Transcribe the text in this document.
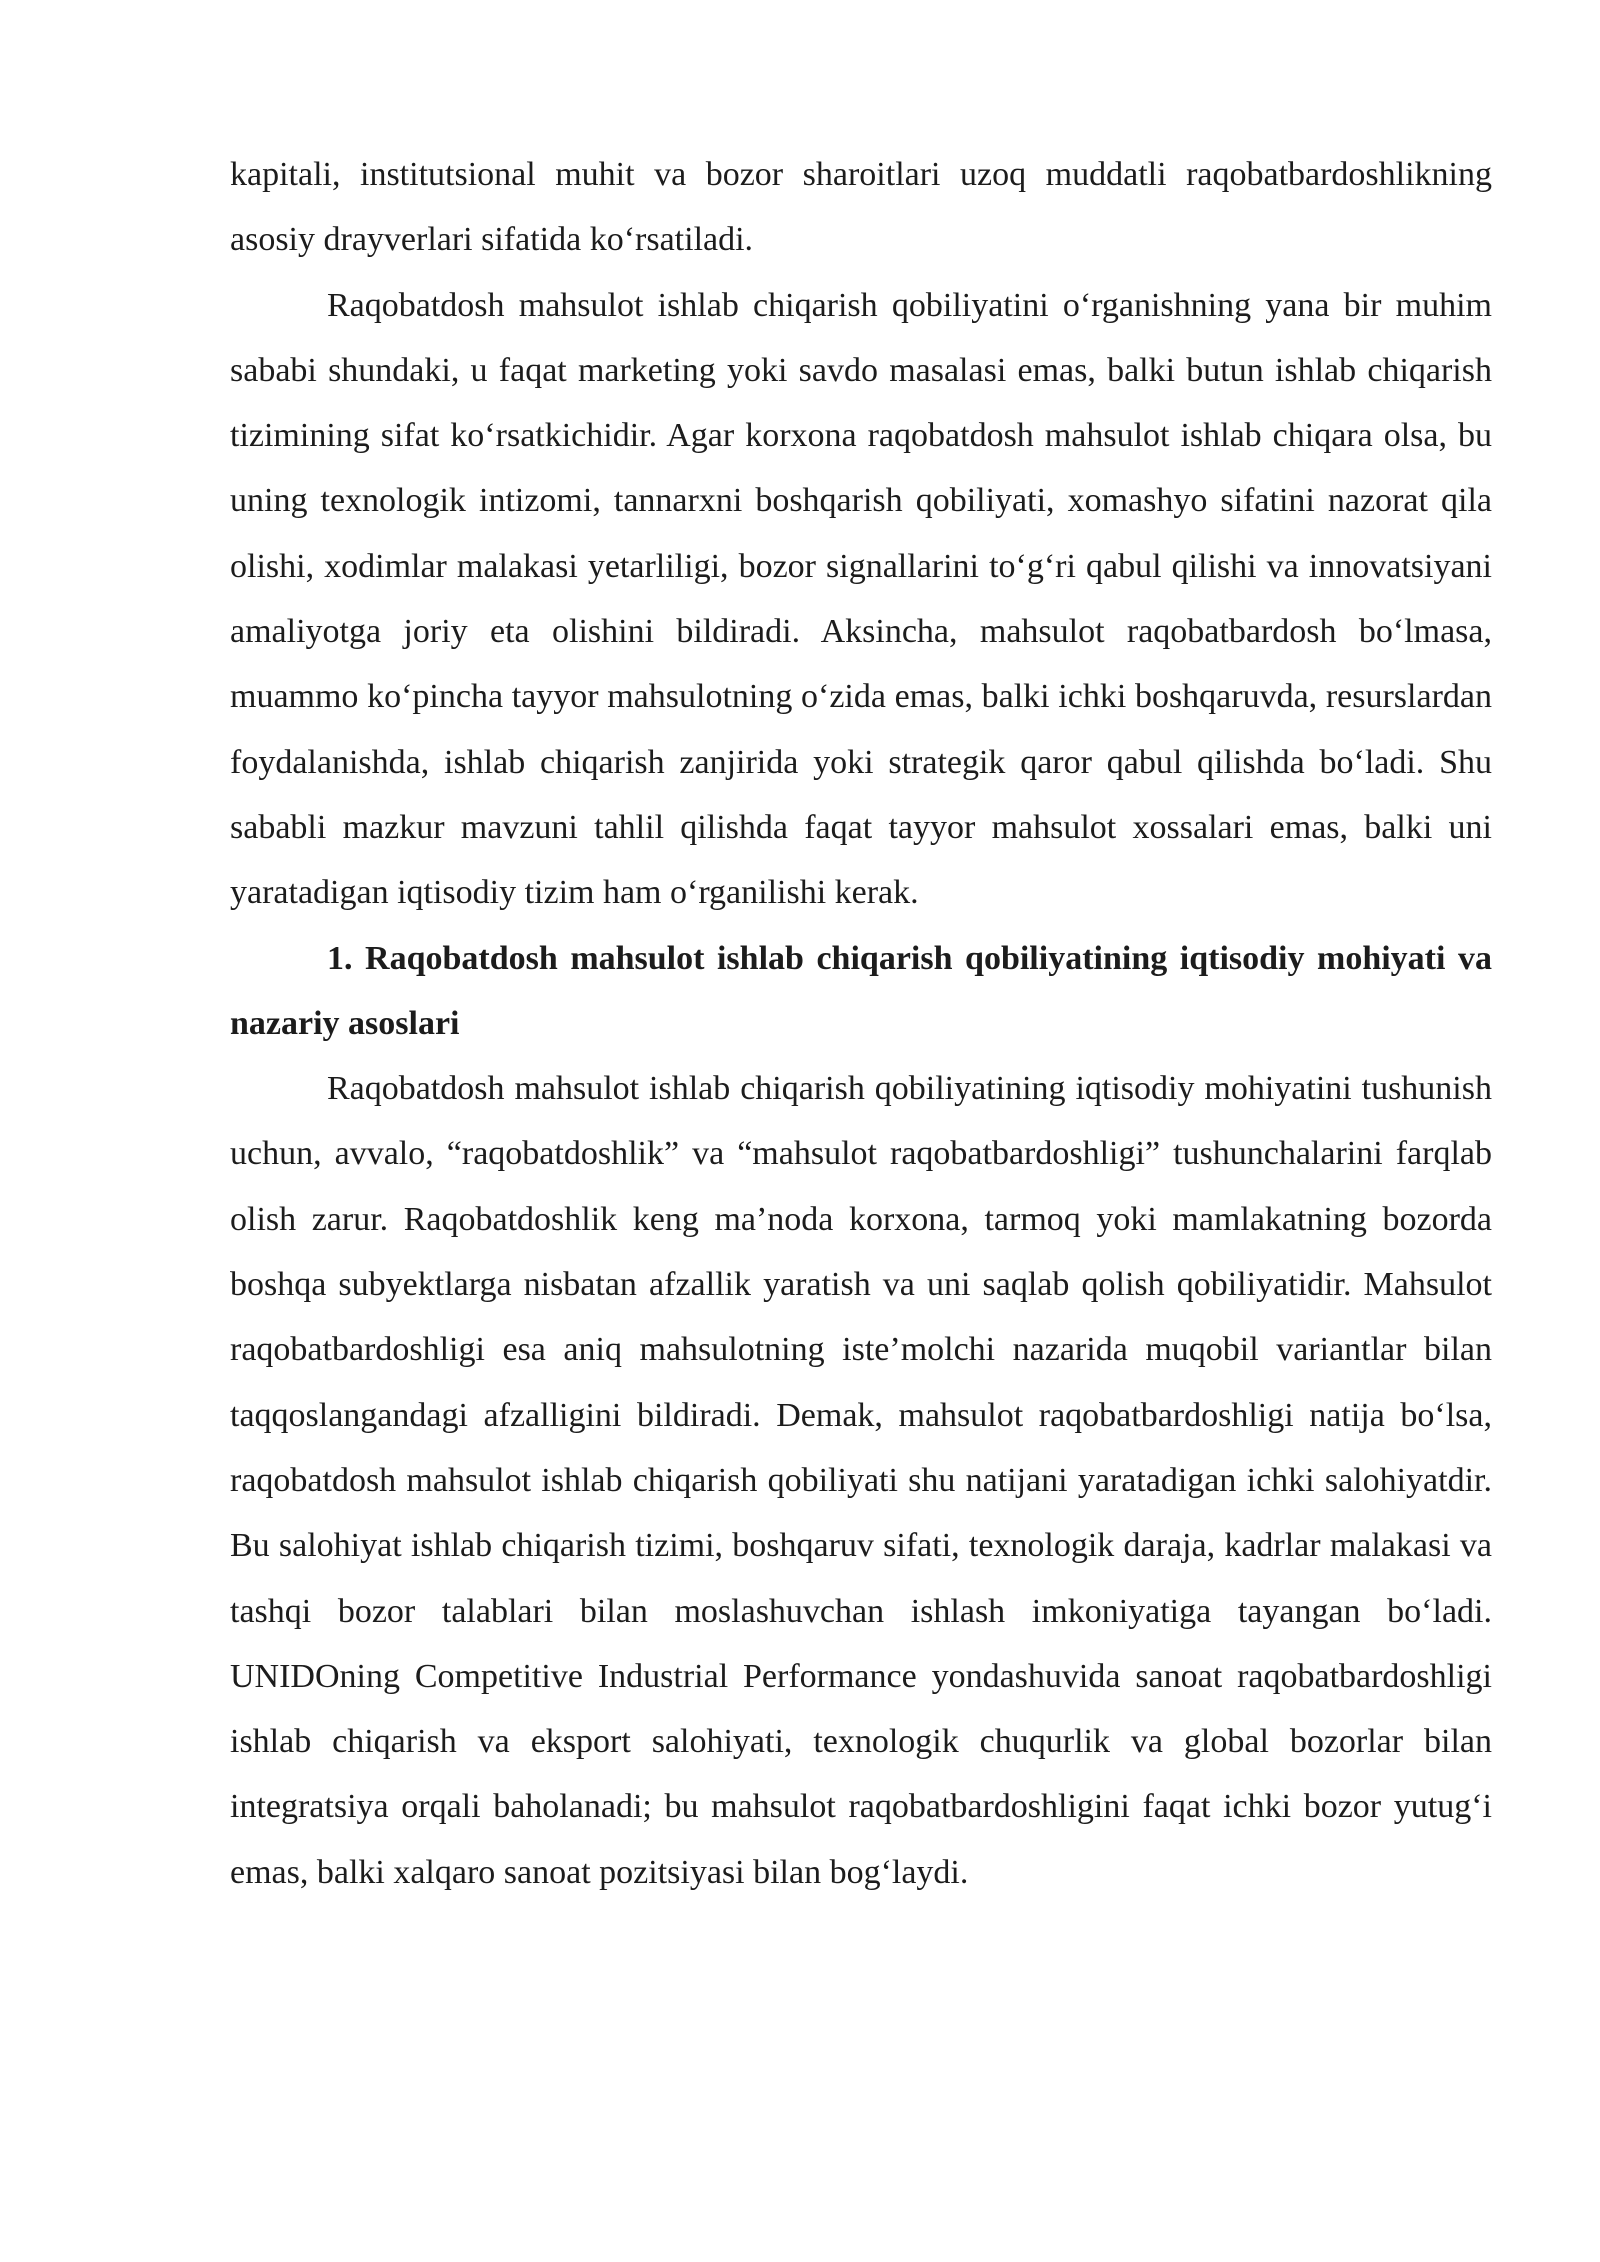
kapitali, institutsional muhit va bozor sharoitlari uzoq muddatli raqobatbardoshlikning asosiy drayverlari sifatida ko‘rsatiladi.

Raqobatdosh mahsulot ishlab chiqarish qobiliyatini o‘rganishning yana bir muhim sababi shundaki, u faqat marketing yoki savdo masalasi emas, balki butun ishlab chiqarish tizimining sifat ko‘rsatkichidir. Agar korxona raqobatdosh mahsulot ishlab chiqara olsa, bu uning texnologik intizomi, tannarxni boshqarish qobiliyati, xomashyo sifatini nazorat qila olishi, xodimlar malakasi yetarliligi, bozor signallarini to‘g‘ri qabul qilishi va innovatsiyani amaliyotga joriy eta olishini bildiradi. Aksincha, mahsulot raqobatbardosh bo‘lmasa, muammo ko‘pincha tayyor mahsulotning o‘zida emas, balki ichki boshqaruvda, resurslardan foydalanishda, ishlab chiqarish zanjirida yoki strategik qaror qabul qilishda bo‘ladi. Shu sababli mazkur mavzuni tahlil qilishda faqat tayyor mahsulot xossalari emas, balki uni yaratadigan iqtisodiy tizim ham o‘rganilishi kerak.

1. Raqobatdosh mahsulot ishlab chiqarish qobiliyatining iqtisodiy mohiyati va nazariy asoslari

Raqobatdosh mahsulot ishlab chiqarish qobiliyatining iqtisodiy mohiyatini tushunish uchun, avvalo, “raqobatdoshlik” va “mahsulot raqobatbardoshligi” tushunchalarini farqlab olish zarur. Raqobatdoshlik keng ma’noda korxona, tarmoq yoki mamlakatning bozorda boshqa subyektlarga nisbatan afzallik yaratish va uni saqlab qolish qobiliyatidir. Mahsulot raqobatbardoshligi esa aniq mahsulotning iste’molchi nazarida muqobil variantlar bilan taqqoslangandagi afzalligini bildiradi. Demak, mahsulot raqobatbardoshligi natija bo‘lsa, raqobatdosh mahsulot ishlab chiqarish qobiliyati shu natijani yaratadigan ichki salohiyatdir. Bu salohiyat ishlab chiqarish tizimi, boshqaruv sifati, texnologik daraja, kadrlar malakasi va tashqi bozor talablari bilan moslashuvchan ishlash imkoniyatiga tayangan bo‘ladi. UNIDOning Competitive Industrial Performance yondashuvida sanoat raqobatbardoshligi ishlab chiqarish va eksport salohiyati, texnologik chuqurlik va global bozorlar bilan integratsiya orqali baholanadi; bu mahsulot raqobatbardoshligini faqat ichki bozor yutug‘i emas, balki xalqaro sanoat pozitsiyasi bilan bog‘laydi.
